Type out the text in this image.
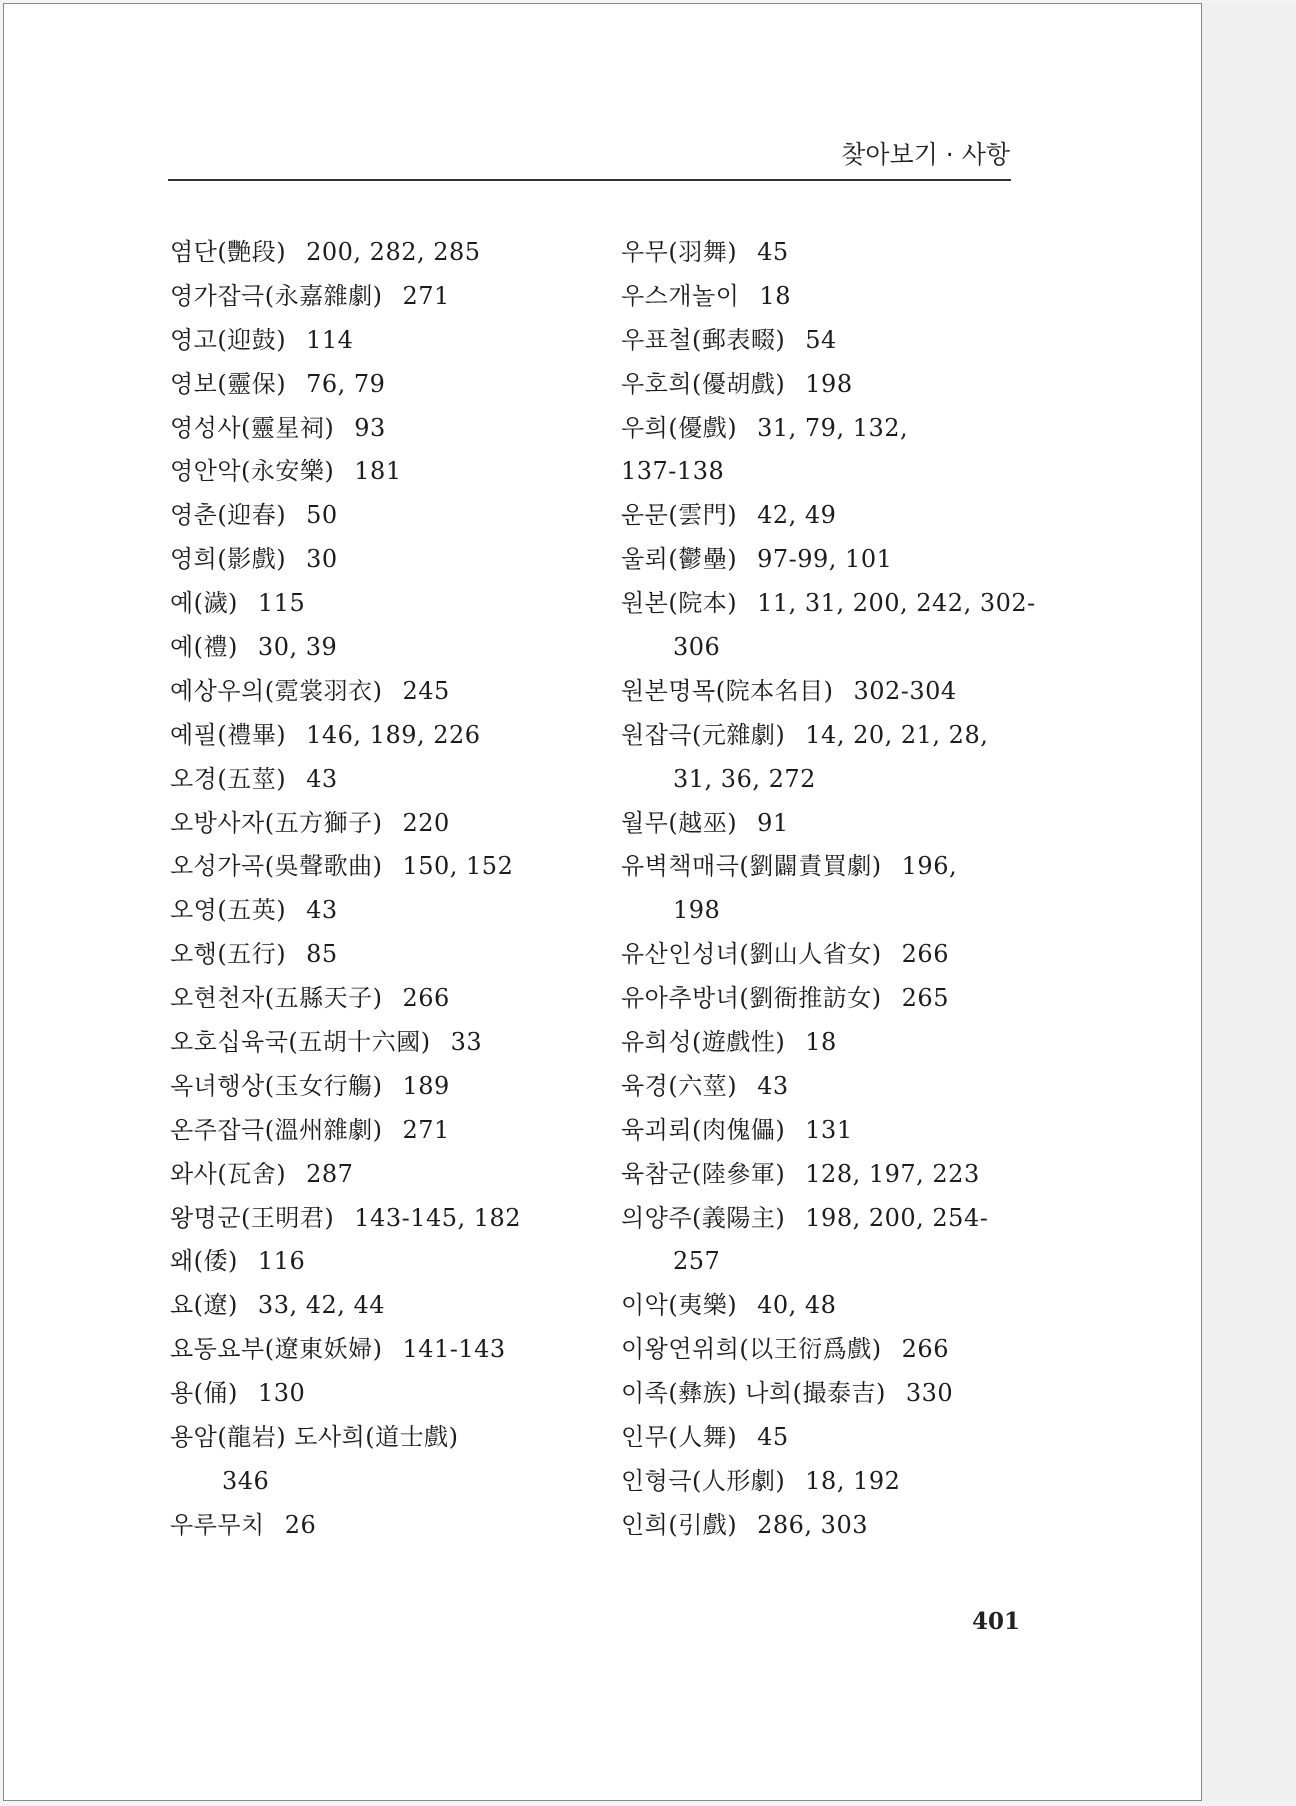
찾아보기 · 사항
염단(艷段) 200, 282, 285
영가잡극(永嘉雜劇) 271
영고(迎鼓) 114
영보(靈保) 76, 79
영성사(靈星祠) 93
영안악(永安樂) 181
영춘(迎春) 50
영희(影戲) 30
예(濊) 115
예(禮) 30, 39
예상우의(霓裳羽衣) 245
예필(禮畢) 146, 189, 226
오경(五莖) 43
오방사자(五方獅子) 220
오성가곡(吳聲歌曲) 150, 152
오영(五英) 43
오행(五行) 85
오현천자(五縣天子) 266
오호십육국(五胡十六國) 33
옥녀행상(玉女行觴) 189
온주잡극(溫州雜劇) 271
와사(瓦舍) 287
왕명군(王明君) 143-145, 182
왜(倭) 116
요(遼) 33, 42, 44
요동요부(遼東妖婦) 141-143
용(俑) 130
용암(龍岩) 도사희(道士戲)
346
우루무치 26
우무(羽舞) 45
우스개놀이 18
우표철(郵表畷) 54
우호희(優胡戲) 198
우희(優戲) 31, 79, 132,
137-138
운문(雲門) 42, 49
울뢰(鬱壘) 97-99, 101
원본(院本) 11, 31, 200, 242, 302-
306
원본명목(院本名目) 302-304
원잡극(元雜劇) 14, 20, 21, 28,
31, 36, 272
월무(越巫) 91
유벽책매극(劉闢責買劇) 196,
198
유산인성녀(劉山人省女) 266
유아추방녀(劉衙推訪女) 265
유희성(遊戲性) 18
육경(六莖) 43
육괴뢰(肉傀儡) 131
육참군(陸參軍) 128, 197, 223
의양주(義陽主) 198, 200, 254-
257
이악(夷樂) 40, 48
이왕연위희(以王衍爲戲) 266
이족(彝族) 나희(撮泰吉) 330
인무(人舞) 45
인형극(人形劇) 18, 192
인희(引戲) 286, 303
401
